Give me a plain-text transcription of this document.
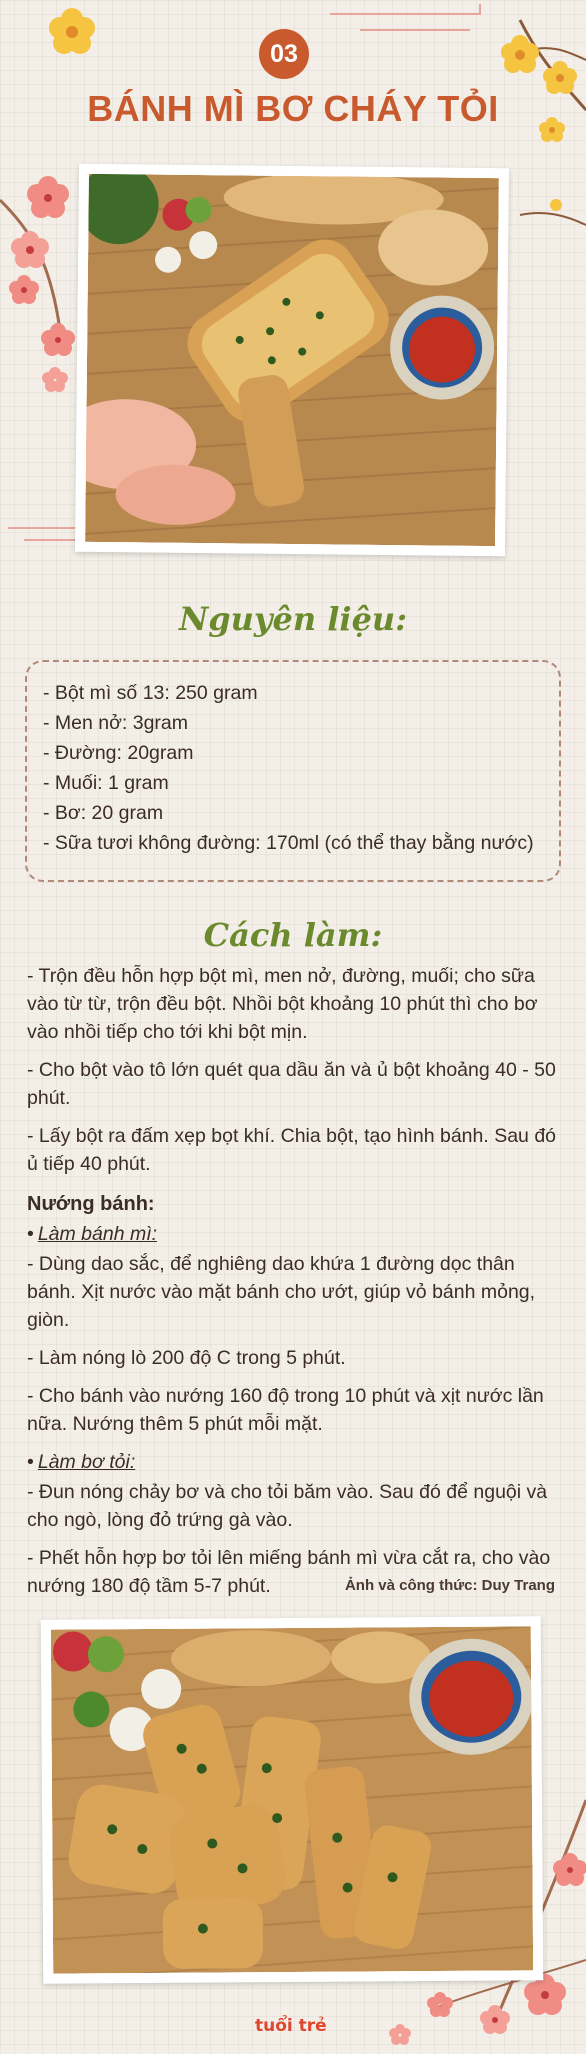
03
BÁNH MÌ BƠ CHÁY TỎI
Nguyên liệu:
- Bột mì số 13: 250 gram
- Men nở: 3gram
- Đường: 20gram
- Muối: 1 gram
- Bơ: 20 gram
- Sữa tươi không đường: 170ml (có thể thay bằng nước)
Cách làm:

- Trộn đều hỗn hợp bột mì, men nở, đường, muối; cho sữa vào từ từ, trộn đều bột. Nhồi bột khoảng 10 phút thì cho bơ vào nhồi tiếp cho tới khi bột mịn.

- Cho bột vào tô lớn quét qua dầu ăn và ủ bột khoảng 40 - 50 phút.

- Lấy bột ra đấm xẹp bọt khí. Chia bột, tạo hình bánh. Sau đó ủ tiếp 40 phút.

Nướng bánh:
• Làm bánh mì:

- Dùng dao sắc, để nghiêng dao khứa 1 đường dọc thân bánh. Xịt nước vào mặt bánh cho ướt, giúp vỏ bánh mỏng, giòn.

- Làm nóng lò 200 độ C trong 5 phút.

- Cho bánh vào nướng 160 độ trong 10 phút và xịt nước lần nữa. Nướng thêm 5 phút mỗi mặt.

• Làm bơ tỏi:

- Đun nóng chảy bơ và cho tỏi băm vào. Sau đó để nguội và cho ngò, lòng đỏ trứng gà vào.

- Phết hỗn hợp bơ tỏi lên miếng bánh mì vừa cắt ra, cho vào nướng 180 độ tầm 5-7 phút.	Ảnh và công thức: Duy Trang
tuổi trẻ
